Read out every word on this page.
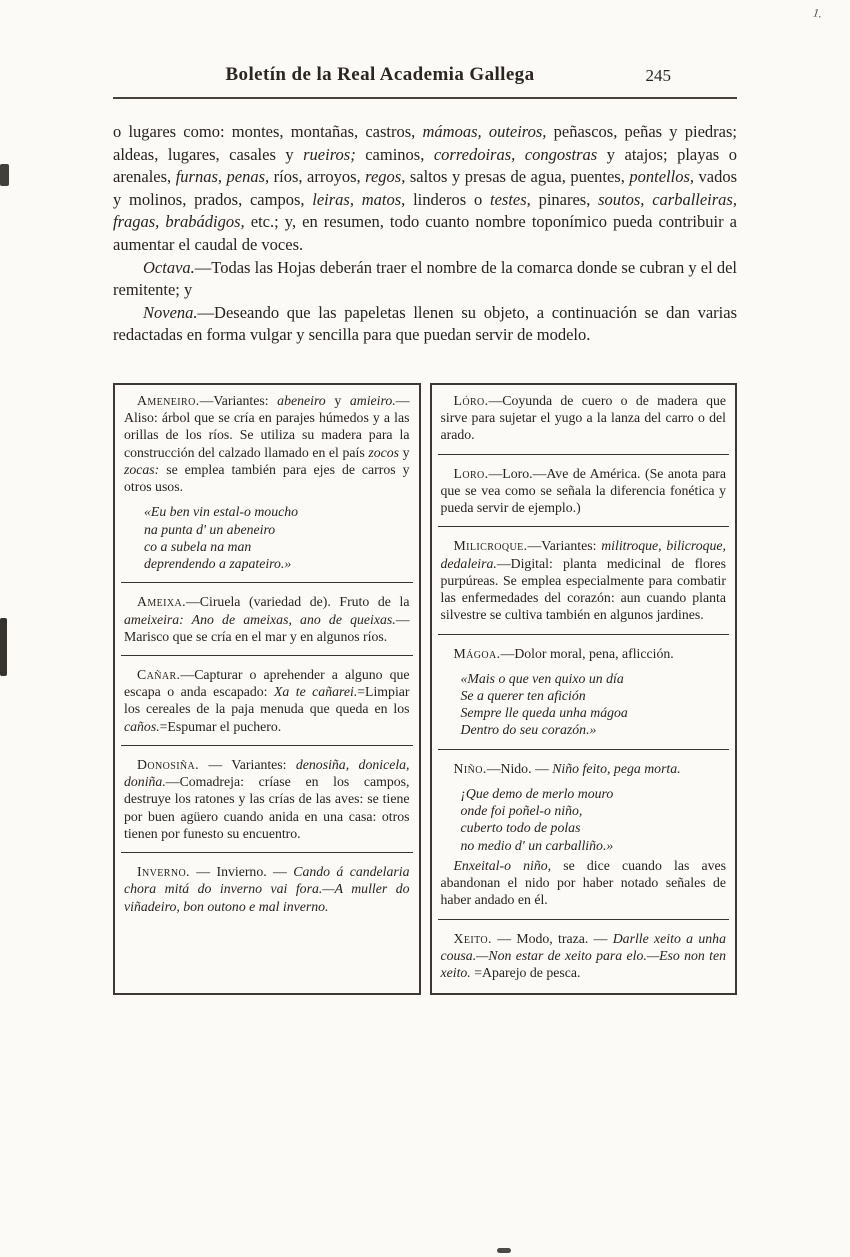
1.
Boletín de la Real Academia Gallega	245

o lugares como: montes, montañas, castros, mámoas, outeiros, peñascos, peñas y piedras; aldeas, lugares, casales y rueiros; caminos, corredoiras, congostras y atajos; playas o arenales, furnas, penas, ríos, arroyos, regos, saltos y presas de agua, puentes, pontellos, vados y molinos, prados, campos, leiras, matos, linderos o testes, pinares, soutos, carballeiras, fragas, brabádigos, etc.; y, en resumen, todo cuanto nombre toponímico pueda contribuir a aumentar el caudal de voces.

Octava.—Todas las Hojas deberán traer el nombre de la comarca donde se cubran y el del remitente; y

Novena.—Deseando que las papeletas llenen su objeto, a continuación se dan varias redactadas en forma vulgar y sencilla para que puedan servir de modelo.

Ameneiro.—Variantes: abeneiro y amieiro.—Aliso: árbol que se cría en parajes húmedos y a las orillas de los ríos. Se utiliza su madera para la construcción del calzado llamado en el país zocos y zocas: se emplea también para ejes de carros y otros usos.

«Eu ben vin estal-o moucho
na punta d' un abeneiro
co a subela na man
deprendendo a zapateiro.»

Ameixa.—Ciruela (variedad de). Fruto de la ameixeira: Ano de ameixas, ano de queixas.—Marisco que se cría en el mar y en algunos ríos.

Cañar.—Capturar o aprehender a alguno que escapa o anda escapado: Xa te cañarei.=Limpiar los cereales de la paja menuda que queda en los caños.=Espumar el puchero.

Donosiña. — Variantes: denosiña, donicela, doniña.—Comadreja: críase en los campos, destruye los ratones y las crías de las aves: se tiene por buen agüero cuando anida en una casa: otros tienen por funesto su encuentro.

Inverno. — Invierno. — Cando á candelaria chora mitá do inverno vai fora.—A muller do viñadeiro, bon outono e mal inverno.

Lóro.—Coyunda de cuero o de madera que sirve para sujetar el yugo a la lanza del carro o del arado.

Loro.—Loro.—Ave de América. (Se anota para que se vea como se señala la diferencia fonética y pueda servir de ejemplo.)

Milicroque.—Variantes: militroque, bilicroque, dedaleira.—Digital: planta medicinal de flores purpúreas. Se emplea especialmente para combatir las enfermedades del corazón: aun cuando planta silvestre se cultiva también en algunos jardines.

Mágoa.—Dolor moral, pena, aflicción.

«Mais o que ven quixo un día
Se a querer ten afición
Sempre lle queda unha mágoa
Dentro do seu corazón.»

Niño.—Nido. — Niño feito, pega morta.

¡Que demo de merlo mouro
onde foi poñel-o niño,
cuberto todo de polas
no medio d' un carballiño.»

Enxeital-o niño, se dice cuando las aves abandonan el nido por haber notado señales de haber andado en él.

Xeito. — Modo, traza. — Darlle xeito a unha cousa.—Non estar de xeito para elo.—Eso non ten xeito. =Aparejo de pesca.
